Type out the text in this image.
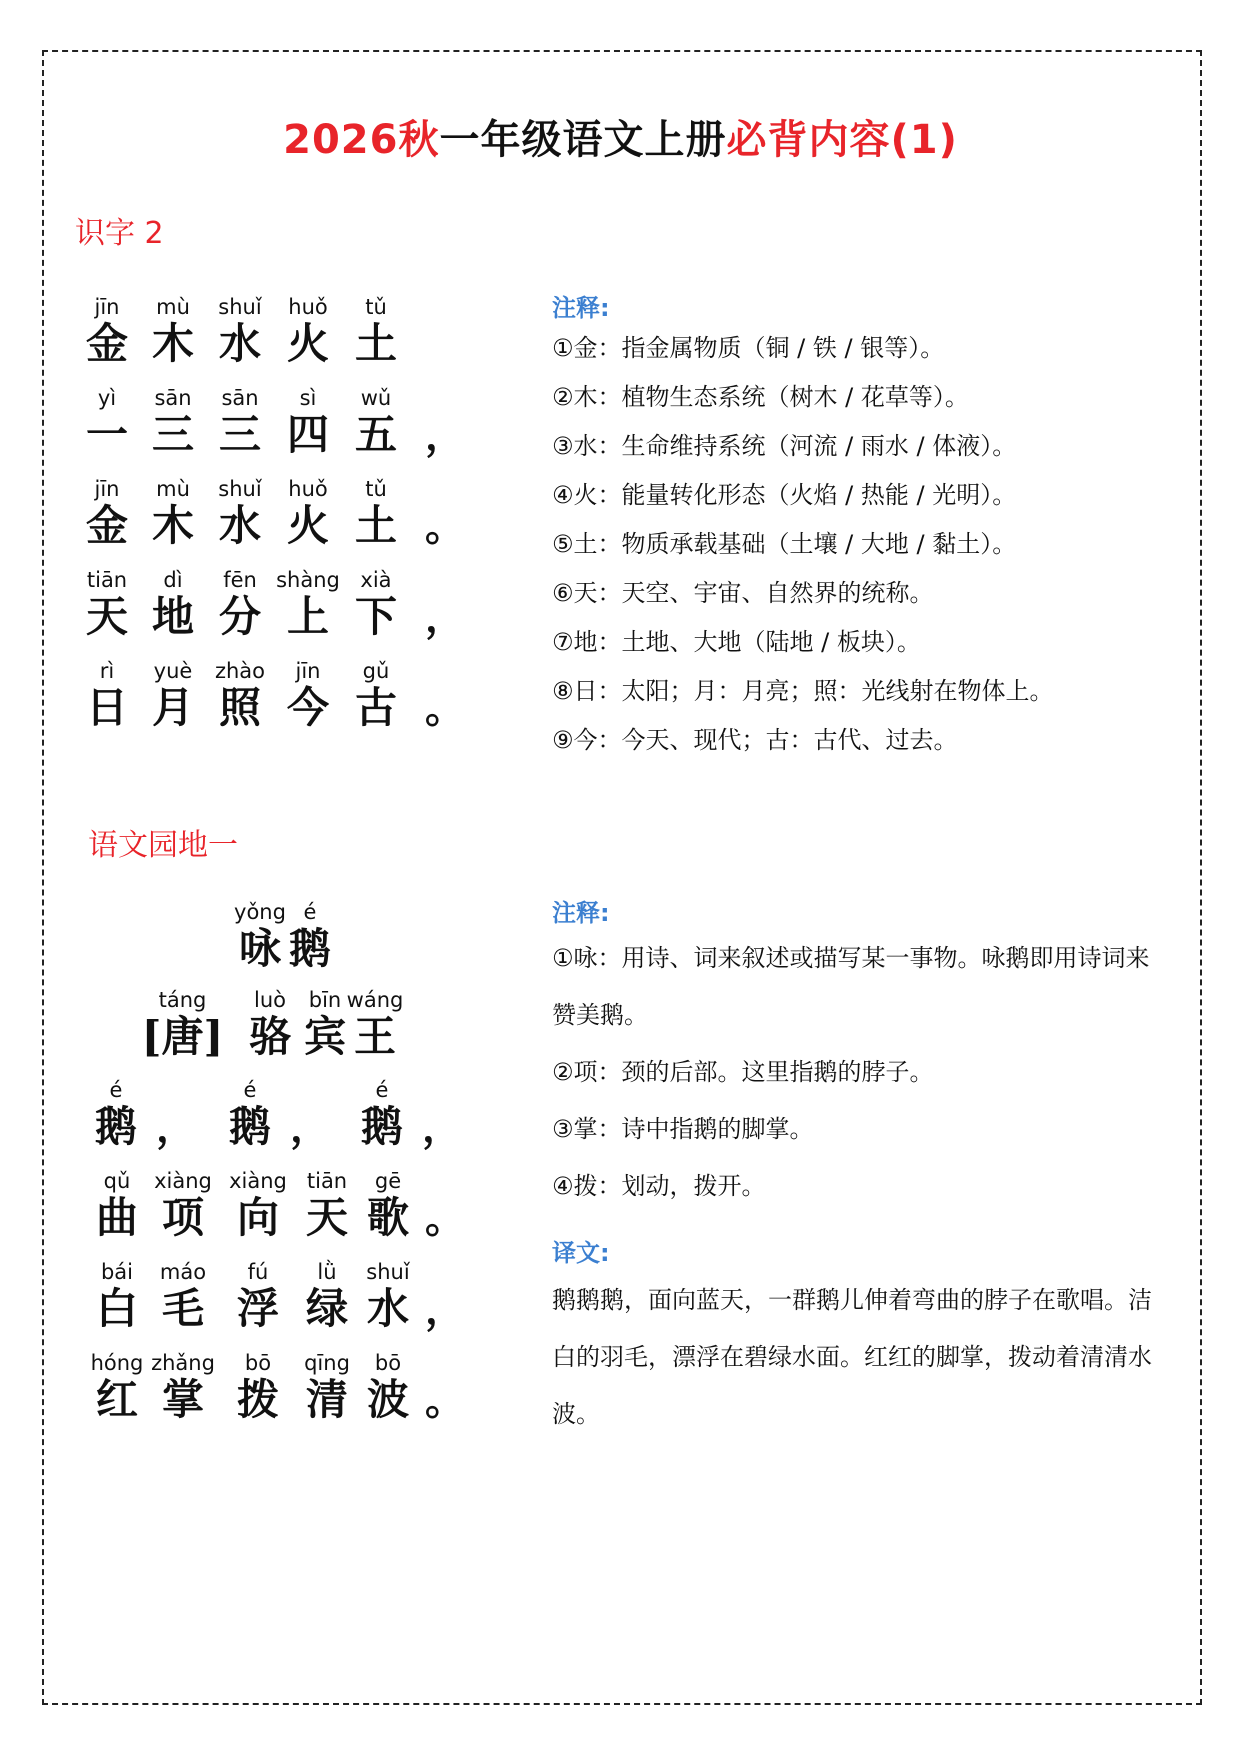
2026秋一年级语文上册必背内容(1)
识字 2
jīn
金
mù
木
shuǐ
水
huǒ
火
tǔ
土
yì
一
sān
三
sān
三
sì
四
wǔ
五 ，
jīn
金
mù
木
shuǐ
水
huǒ
火
tǔ
土 。
tiān
天
dì
地
fēn
分
shàng
上
xià
下 ，
rì
日
yuè
月
zhào
照
jīn
今
gǔ
古 。
注释:
①金：指金属物质（铜 / 铁 / 银等）。
②木：植物生态系统（树木 / 花草等）。
③水：生命维持系统（河流 / 雨水 / 体液）。
④火：能量转化形态（火焰 / 热能 / 光明）。
⑤土：物质承载基础（土壤 / 大地 / 黏土）。
⑥天：天空、宇宙、自然界的统称。
⑦地：土地、大地（陆地 / 板块）。
⑧日：太阳；月：月亮；照：光线射在物体上。
⑨今：今天、现代；古：古代、过去。
语文园地一
yǒng
咏
é
鹅
táng
[唐]
luò
骆
bīn
宾
wáng
王
é
鹅 ，
é
鹅 ，
é
鹅 ，
qǔ
曲
xiàng
项
xiàng
向
tiān
天
gē
歌 。
bái
白
máo
毛
fú
浮
lǜ
绿
shuǐ
水 ，
hóng
红
zhǎng
掌
bō
拨
qīng
清
bō
波 。
注释:
①咏：用诗、词来叙述或描写某一事物。咏鹅即用诗词来赞美鹅。
②项：颈的后部。这里指鹅的脖子。
③掌：诗中指鹅的脚掌。
④拨：划动，拨开。
译文:
鹅鹅鹅，面向蓝天，一群鹅儿伸着弯曲的脖子在歌唱。洁白的羽毛，漂浮在碧绿水面。红红的脚掌，拨动着清清水波。
